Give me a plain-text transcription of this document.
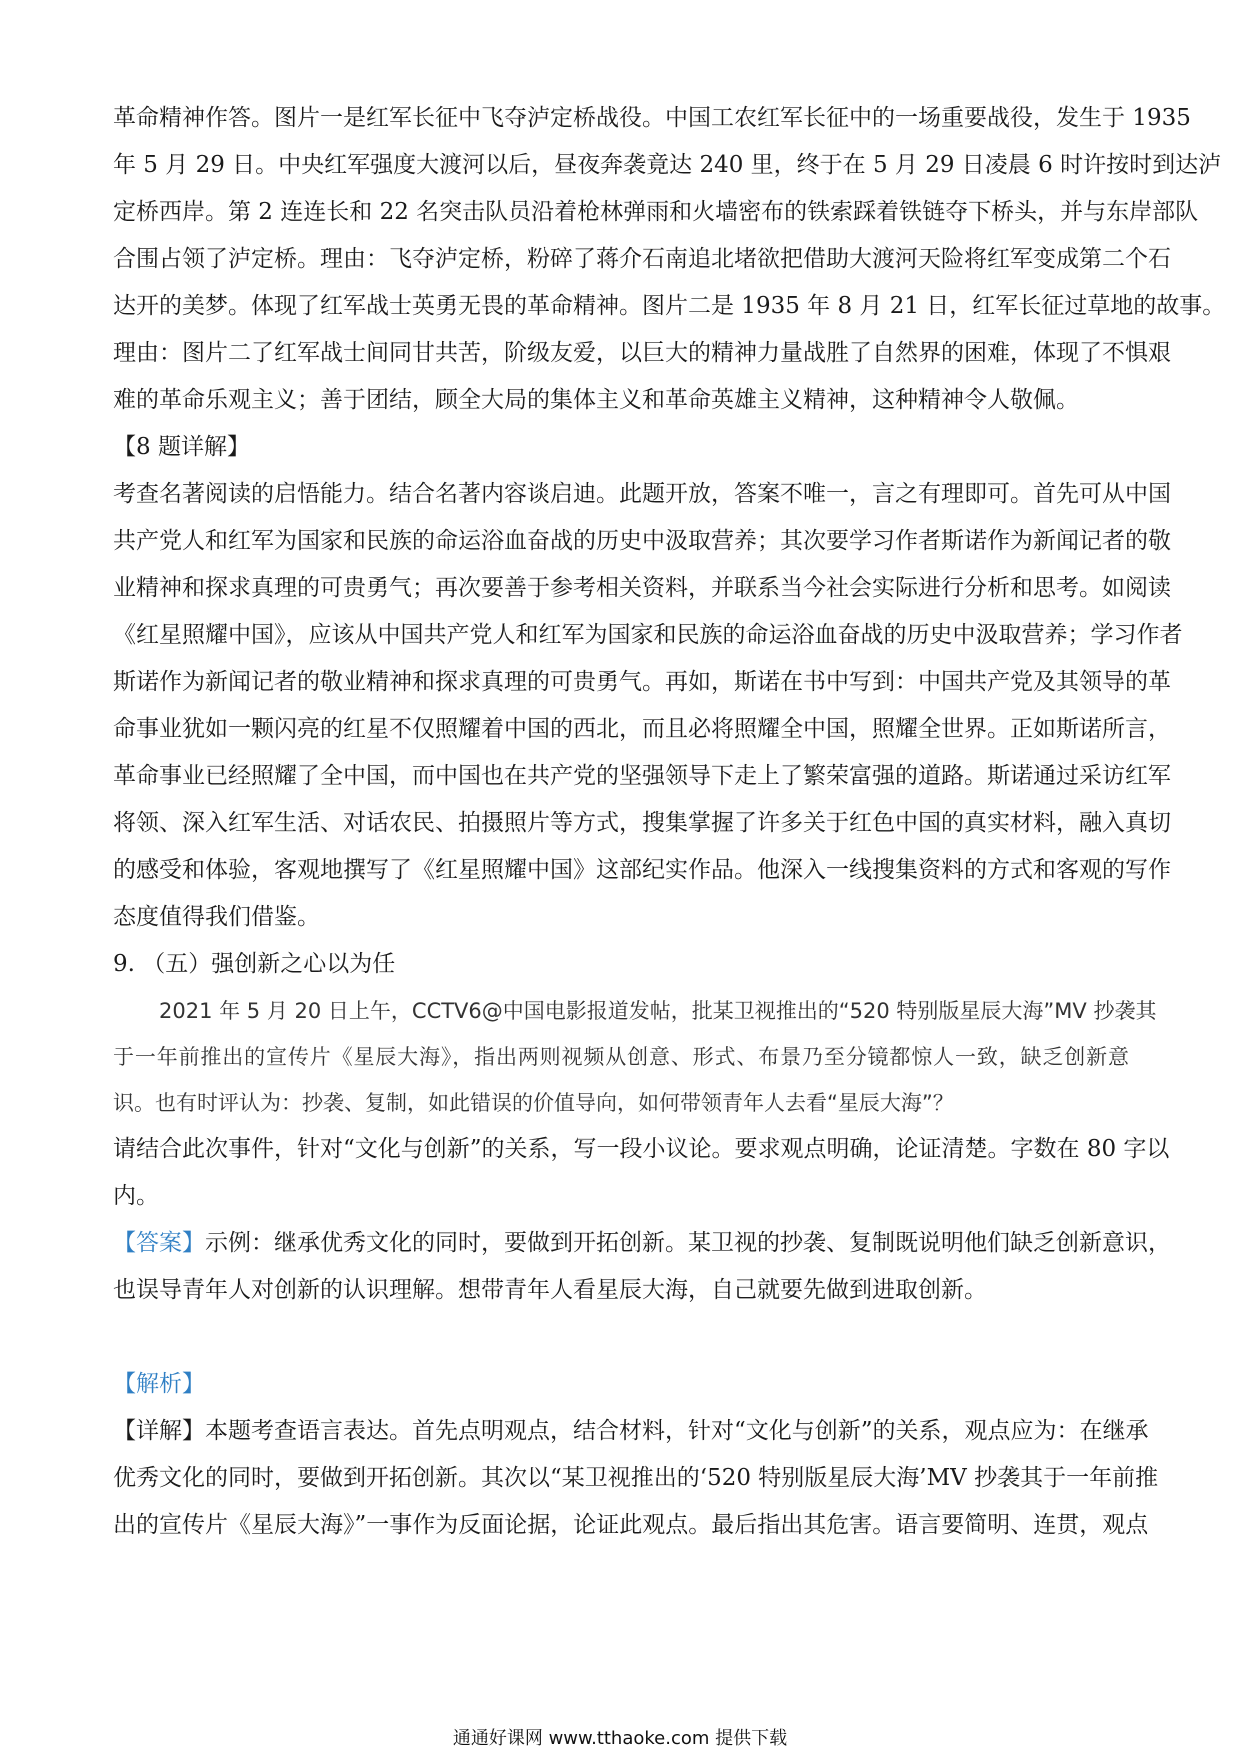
革命精神作答。图片一是红军长征中飞夺泸定桥战役。中国工农红军长征中的一场重要战役，发生于 1935
年 5 月 29 日。中央红军强度大渡河以后，昼夜奔袭竟达 240 里，终于在 5 月 29 日凌晨 6 时许按时到达泸
定桥西岸。第 2 连连长和 22 名突击队员沿着枪林弹雨和火墙密布的铁索踩着铁链夺下桥头，并与东岸部队
合围占领了泸定桥。理由：飞夺泸定桥，粉碎了蒋介石南追北堵欲把借助大渡河天险将红军变成第二个石
达开的美梦。体现了红军战士英勇无畏的革命精神。图片二是 1935 年 8 月 21 日，红军长征过草地的故事。
理由：图片二了红军战士间同甘共苦，阶级友爱，以巨大的精神力量战胜了自然界的困难，体现了不惧艰
难的革命乐观主义；善于团结，顾全大局的集体主义和革命英雄主义精神，这种精神令人敬佩。
【8 题详解】
考查名著阅读的启悟能力。结合名著内容谈启迪。此题开放，答案不唯一，言之有理即可。首先可从中国
共产党人和红军为国家和民族的命运浴血奋战的历史中汲取营养；其次要学习作者斯诺作为新闻记者的敬
业精神和探求真理的可贵勇气；再次要善于参考相关资料，并联系当今社会实际进行分析和思考。如阅读
《红星照耀中国》，应该从中国共产党人和红军为国家和民族的命运浴血奋战的历史中汲取营养；学习作者
斯诺作为新闻记者的敬业精神和探求真理的可贵勇气。再如，斯诺在书中写到：中国共产党及其领导的革
命事业犹如一颗闪亮的红星不仅照耀着中国的西北，而且必将照耀全中国，照耀全世界。正如斯诺所言，
革命事业已经照耀了全中国，而中国也在共产党的坚强领导下走上了繁荣富强的道路。斯诺通过采访红军
将领、深入红军生活、对话农民、拍摄照片等方式，搜集掌握了许多关于红色中国的真实材料，融入真切
的感受和体验，客观地撰写了《红星照耀中国》这部纪实作品。他深入一线搜集资料的方式和客观的写作
态度值得我们借鉴。
9. （五）强创新之心以为任
2021 年 5 月 20 日上午，CCTV6@中国电影报道发帖，批某卫视推出的“520 特别版星辰大海”MV 抄袭其
于一年前推出的宣传片《星辰大海》，指出两则视频从创意、形式、布景乃至分镜都惊人一致，缺乏创新意
识。也有时评认为：抄袭、复制，如此错误的价值导向，如何带领青年人去看“星辰大海”？
请结合此次事件，针对“文化与创新”的关系，写一段小议论。要求观点明确，论证清楚。字数在 80 字以
内。
【答案】示例：继承优秀文化的同时，要做到开拓创新。某卫视的抄袭、复制既说明他们缺乏创新意识，
也误导青年人对创新的认识理解。想带青年人看星辰大海，自己就要先做到进取创新。
【解析】
【详解】本题考查语言表达。首先点明观点，结合材料，针对“文化与创新”的关系，观点应为：在继承
优秀文化的同时，要做到开拓创新。其次以“某卫视推出的‘520 特别版星辰大海’MV 抄袭其于一年前推
出的宣传片《星辰大海》”一事作为反面论据，论证此观点。最后指出其危害。语言要简明、连贯，观点
通通好课网 www.tthaoke.com 提供下载
